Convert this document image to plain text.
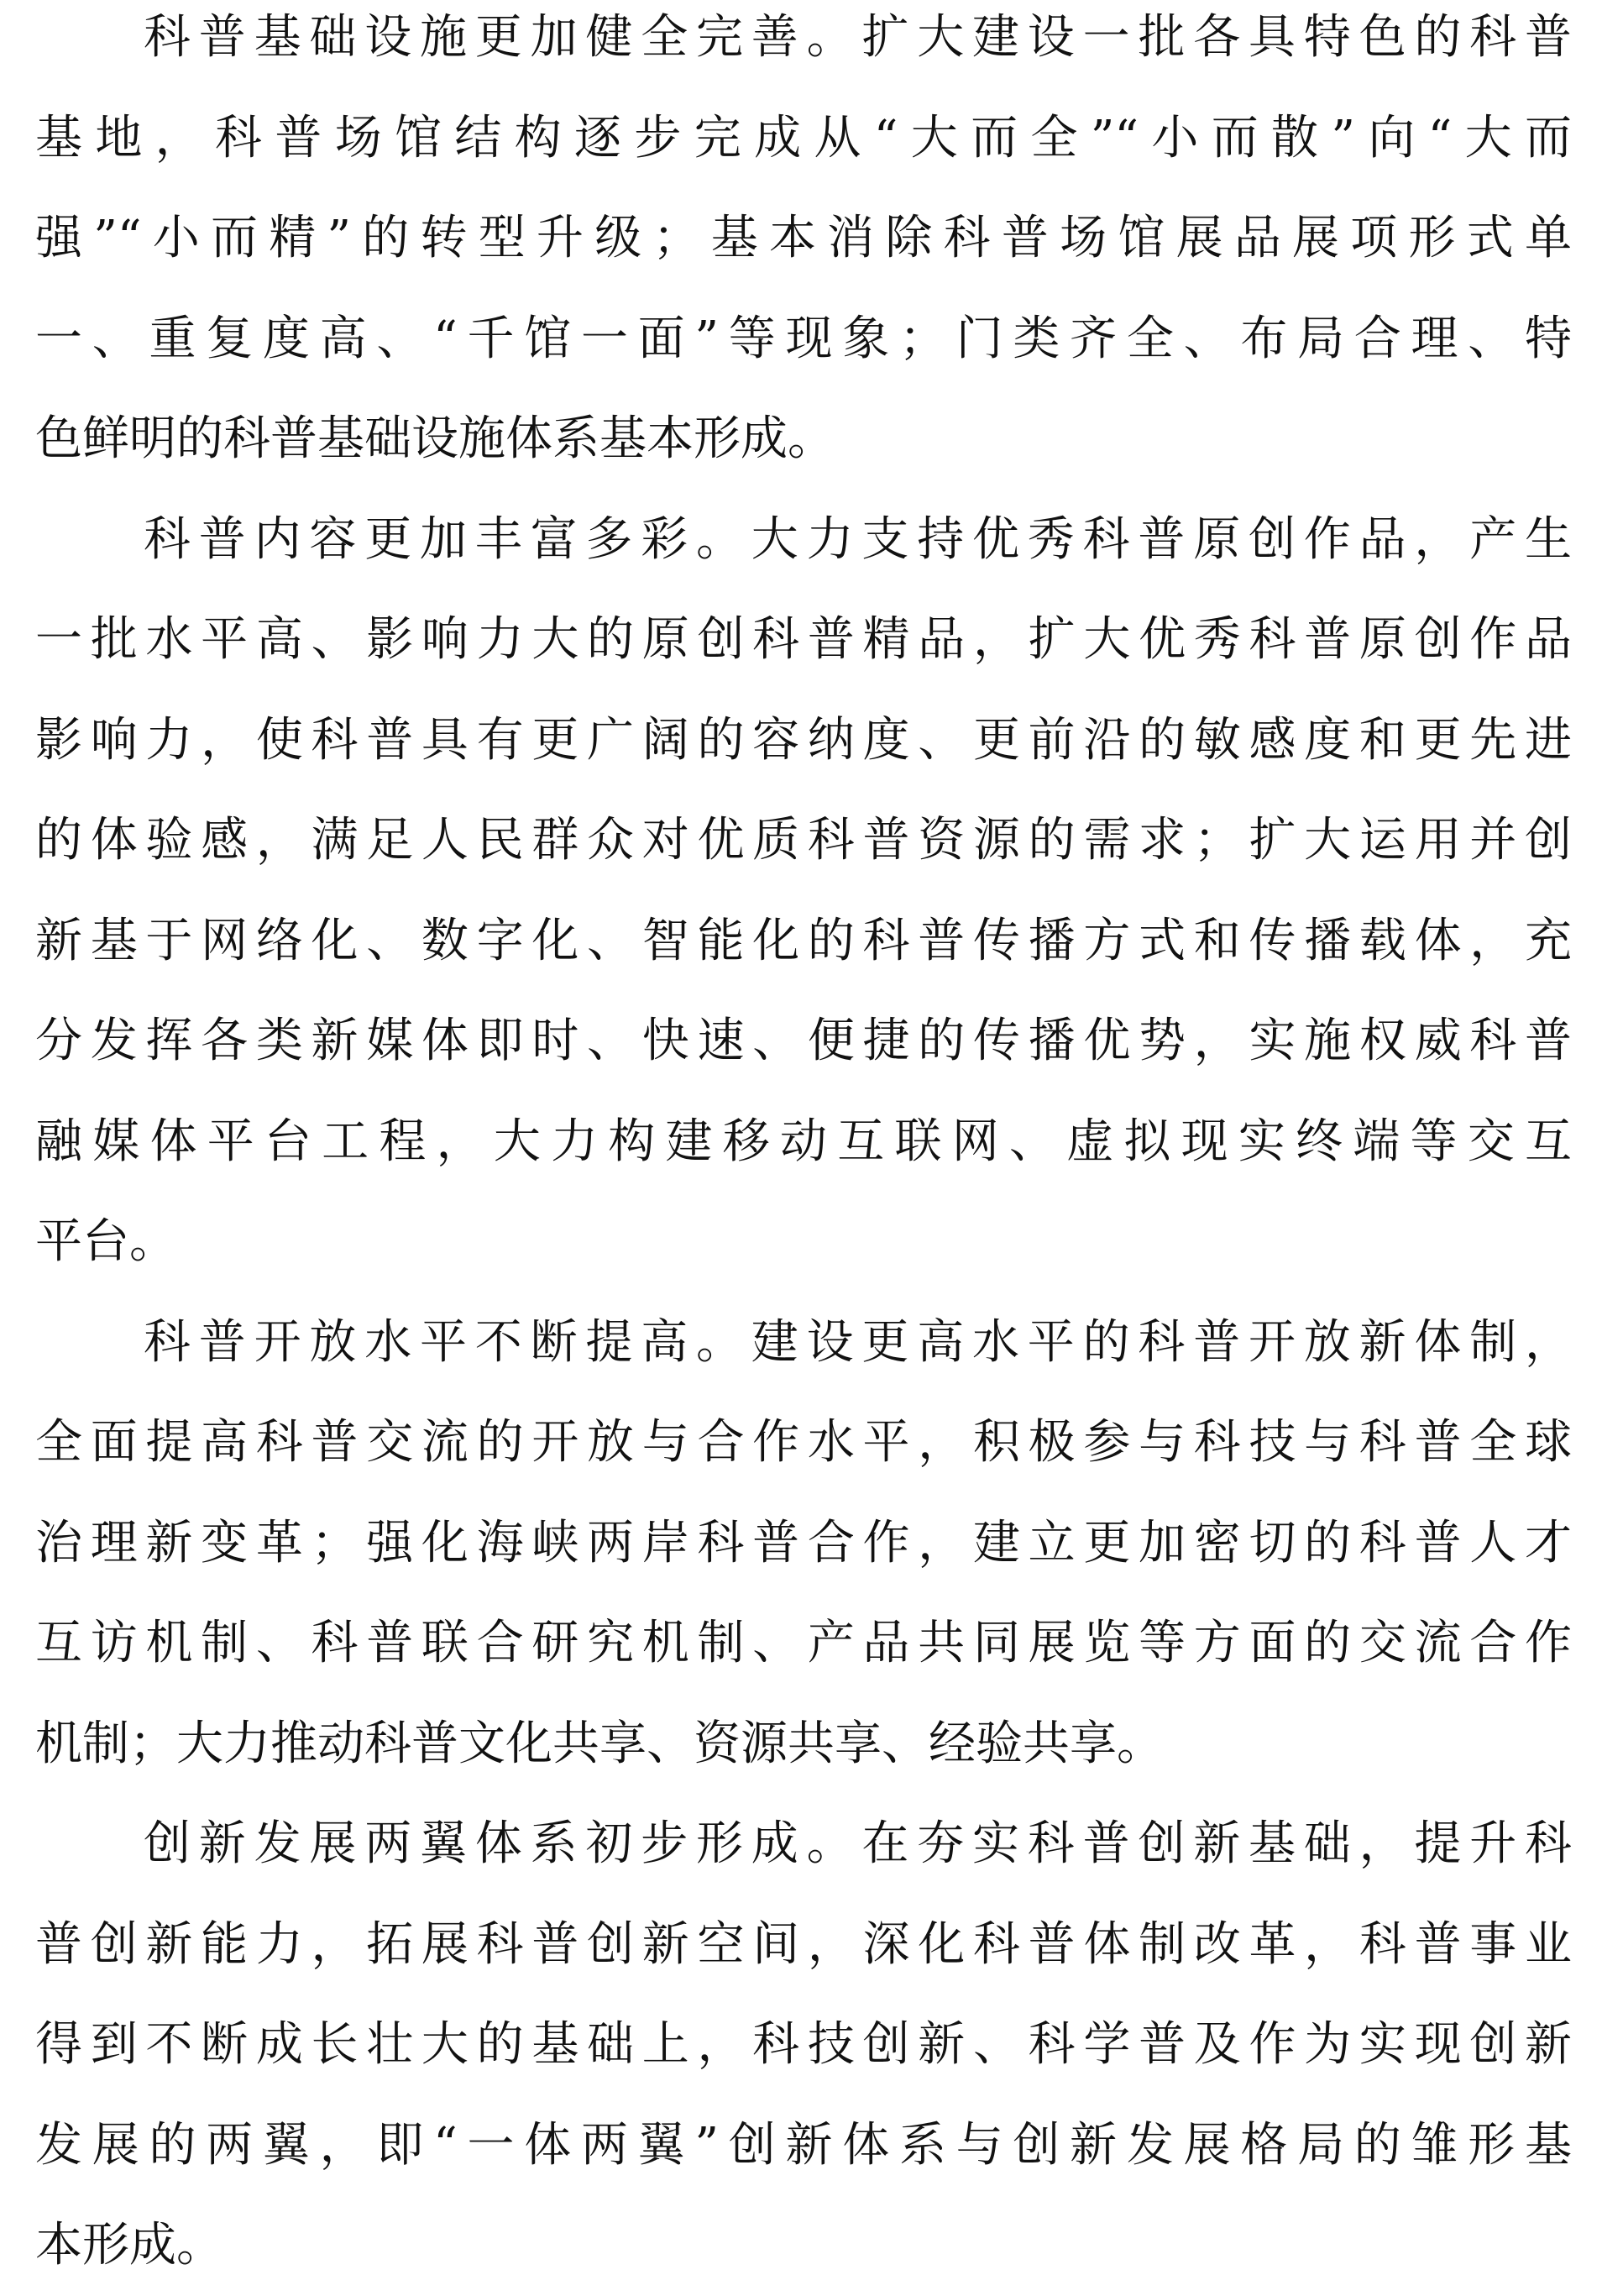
科普基础设施更加健全完善。扩大建设一批各具特色的科普
基地，科普场馆结构逐步完成从“大而全”“小而散”向“大而
强”“小而精”的转型升级；基本消除科普场馆展品展项形式单
一、重复度高、“千馆一面”等现象；门类齐全、布局合理、特
色鲜明的科普基础设施体系基本形成。
科普内容更加丰富多彩。大力支持优秀科普原创作品，产生
一批水平高、影响力大的原创科普精品，扩大优秀科普原创作品
影响力，使科普具有更广阔的容纳度、更前沿的敏感度和更先进
的体验感，满足人民群众对优质科普资源的需求；扩大运用并创
新基于网络化、数字化、智能化的科普传播方式和传播载体，充
分发挥各类新媒体即时、快速、便捷的传播优势，实施权威科普
融媒体平台工程，大力构建移动互联网、虚拟现实终端等交互
平台。
科普开放水平不断提高。建设更高水平的科普开放新体制，
全面提高科普交流的开放与合作水平，积极参与科技与科普全球
治理新变革；强化海峡两岸科普合作，建立更加密切的科普人才
互访机制、科普联合研究机制、产品共同展览等方面的交流合作
机制；大力推动科普文化共享、资源共享、经验共享。
创新发展两翼体系初步形成。在夯实科普创新基础，提升科
普创新能力，拓展科普创新空间，深化科普体制改革，科普事业
得到不断成长壮大的基础上，科技创新、科学普及作为实现创新
发展的两翼，即“一体两翼”创新体系与创新发展格局的雏形基
本形成。
